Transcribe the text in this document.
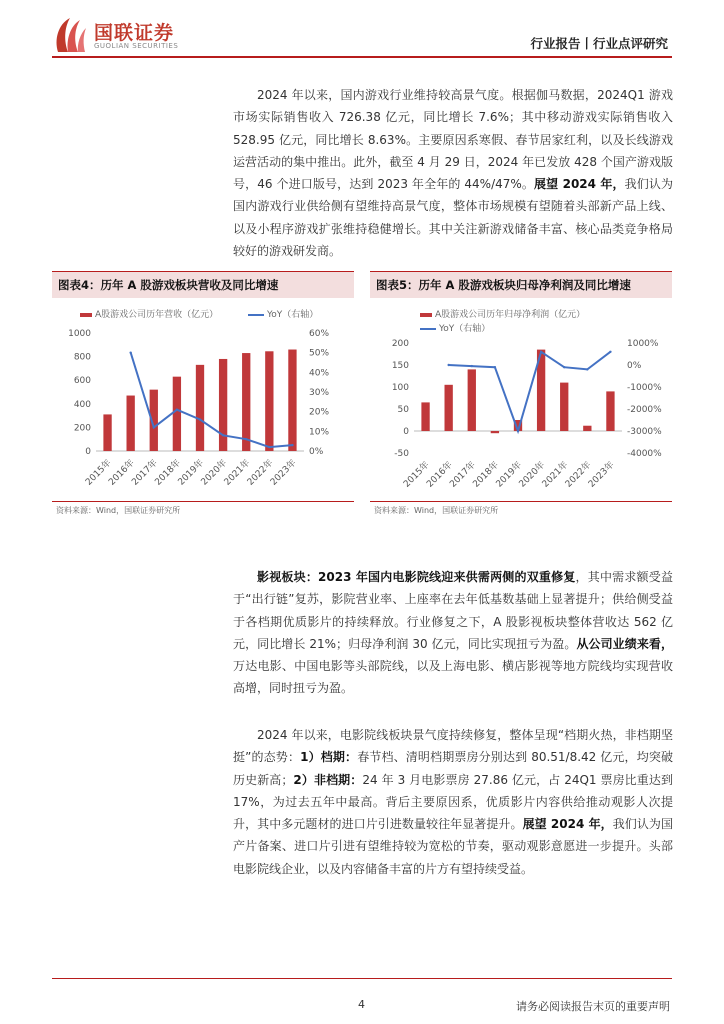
国联证券
GUOLIAN SECURITIES	行业报告丨行业点评研究
2024 年以来，国内游戏行业维持较高景气度。根据伽马数据，2024Q1 游戏市场实际销售收入 726.38 亿元，同比增长 7.6%；其中移动游戏实际销售收入 528.95 亿元，同比增长 8.63%。主要原因系寒假、春节居家红利，以及长线游戏运营活动的集中推出。此外，截至 4 月 29 日，2024 年已发放 428 个国产游戏版号，46 个进口版号，达到 2023 年全年的 44%/47%。展望 2024 年，我们认为国内游戏行业供给侧有望维持高景气度，整体市场规模有望随着头部新产品上线、以及小程序游戏扩张维持稳健增长。其中关注新游戏储备丰富、核心品类竞争格局较好的游戏研发商。
图表4：历年 A 股游戏板块营收及同比增速
A股游戏公司历年营收（亿元）	YoY（右轴）
0
200
400
600
800
1000
0%
10%
20%
30%
40%
50%
60%
2015年
2016年
2017年
2018年
2019年
2020年
2021年
2022年
2023年
资料来源：Wind，国联证券研究所
图表5：历年 A 股游戏板块归母净利润及同比增速
A股游戏公司历年归母净利润（亿元）
YoY（右轴）
-50
0
50
100
150
200
-4000%
-3000%
-2000%
-1000%
0%
1000%
2015年
2016年
2017年
2018年
2019年
2020年
2021年
2022年
2023年
资料来源：Wind，国联证券研究所
影视板块：2023 年国内电影院线迎来供需两侧的双重修复，其中需求额受益于“出行链”复苏，影院营业率、上座率在去年低基数基础上显著提升；供给侧受益于各档期优质影片的持续释放。行业修复之下，A 股影视板块整体营收达 562 亿元，同比增长 21%；归母净利润 30 亿元，同比实现扭亏为盈。从公司业绩来看，万达电影、中国电影等头部院线，以及上海电影、横店影视等地方院线均实现营收高增，同时扭亏为盈。
2024 年以来，电影院线板块景气度持续修复，整体呈现“档期火热，非档期坚挺”的态势：1）档期：春节档、清明档期票房分别达到 80.51/8.42 亿元，均突破历史新高；2）非档期：24 年 3 月电影票房 27.86 亿元，占 24Q1 票房比重达到 17%，为过去五年中最高。背后主要原因系，优质影片内容供给推动观影人次提升，其中多元题材的进口片引进数量较往年显著提升。展望 2024 年，我们认为国产片备案、进口片引进有望维持较为宽松的节奏，驱动观影意愿进一步提升。头部电影院线企业，以及内容储备丰富的片方有望持续受益。
4	请务必阅读报告末页的重要声明
